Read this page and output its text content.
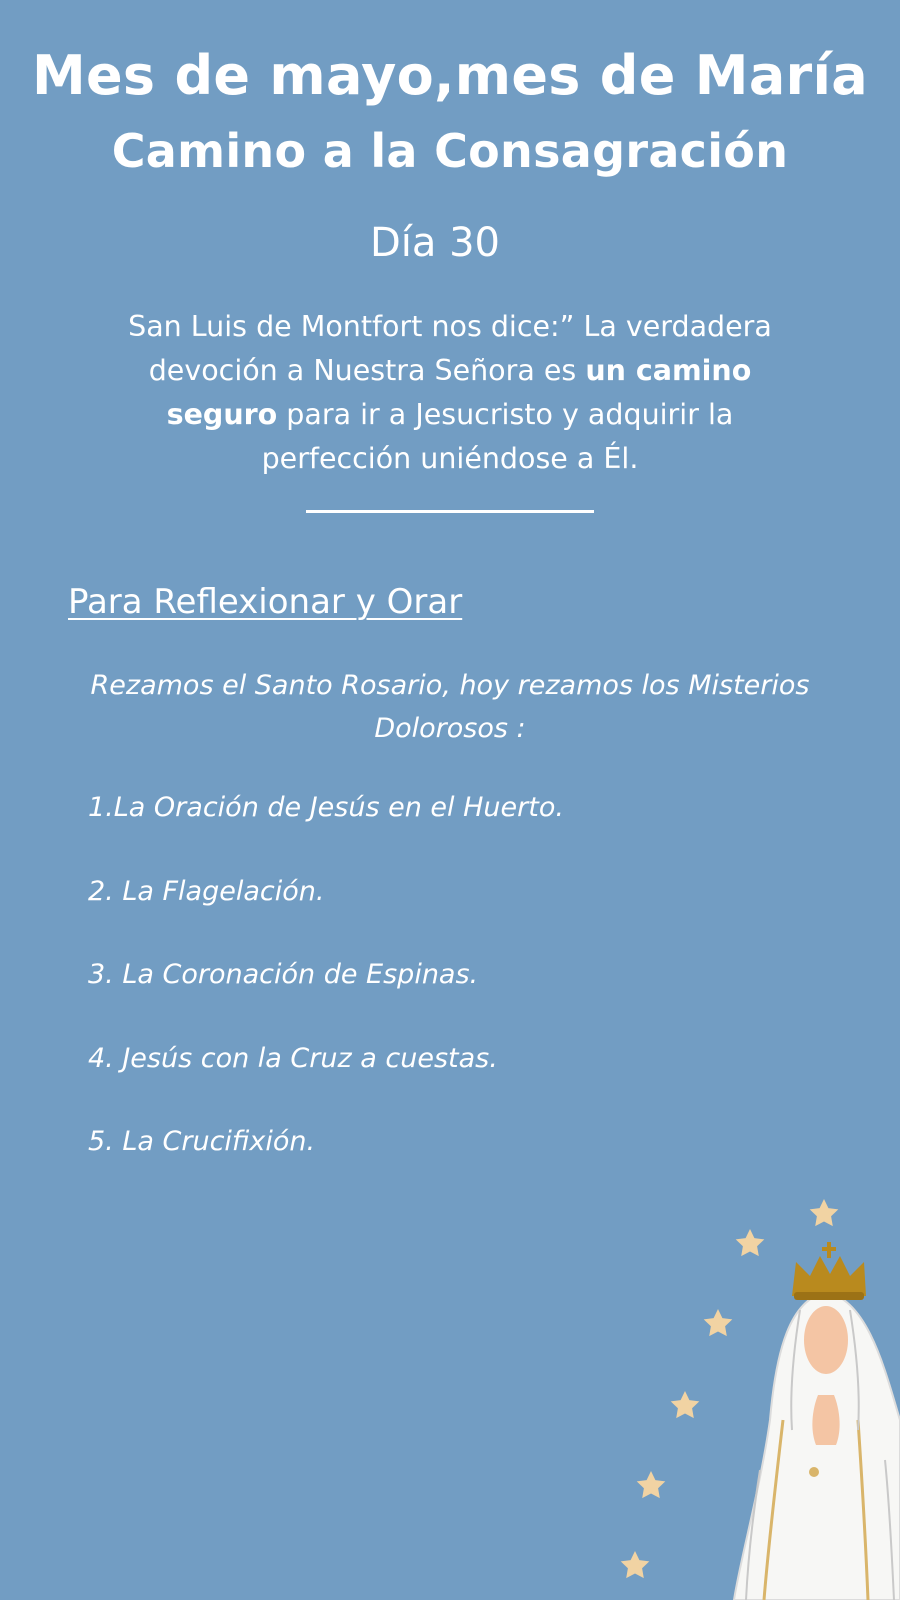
Mes de mayo,mes de María
Camino a la Consagración
Día 30
San Luis de Montfort nos dice:” La verdadera devoción a Nuestra Señora es un camino seguro para ir a Jesucristo y adquirir la perfección uniéndose a Él.
Para Reflexionar y Orar
Rezamos el Santo Rosario, hoy rezamos los Misterios Dolorosos :
1.La Oración de Jesús en el Huerto.
2. La Flagelación.
3. La Coronación de Espinas.
4. Jesús con la Cruz a cuestas.
5. La Crucifixión.
